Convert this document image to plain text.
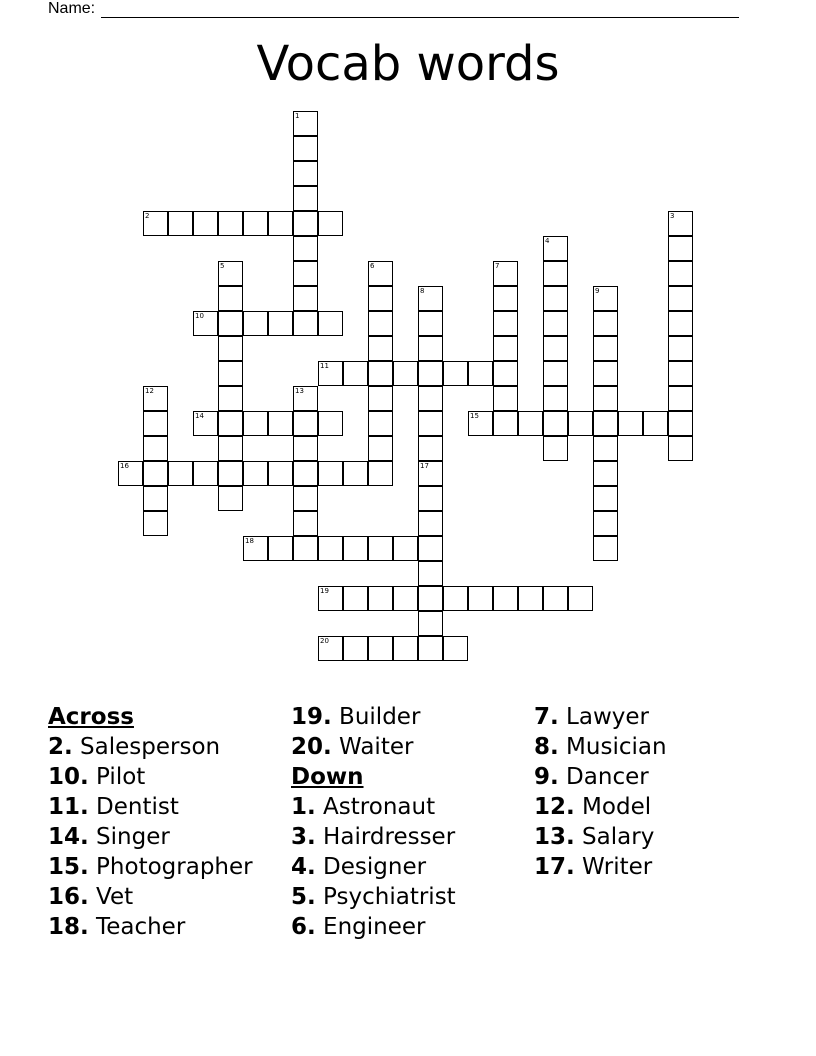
Name:
Vocab words
1
2	3
4
5	6	7
8	9
10
11
12	13
14	15
16	17
18
19
20
Across
2. Salesperson
10. Pilot
11. Dentist
14. Singer
15. Photographer
16. Vet
18. Teacher
19. Builder
20. Waiter
Down
1. Astronaut
3. Hairdresser
4. Designer
5. Psychiatrist
6. Engineer
7. Lawyer
8. Musician
9. Dancer
12. Model
13. Salary
17. Writer
